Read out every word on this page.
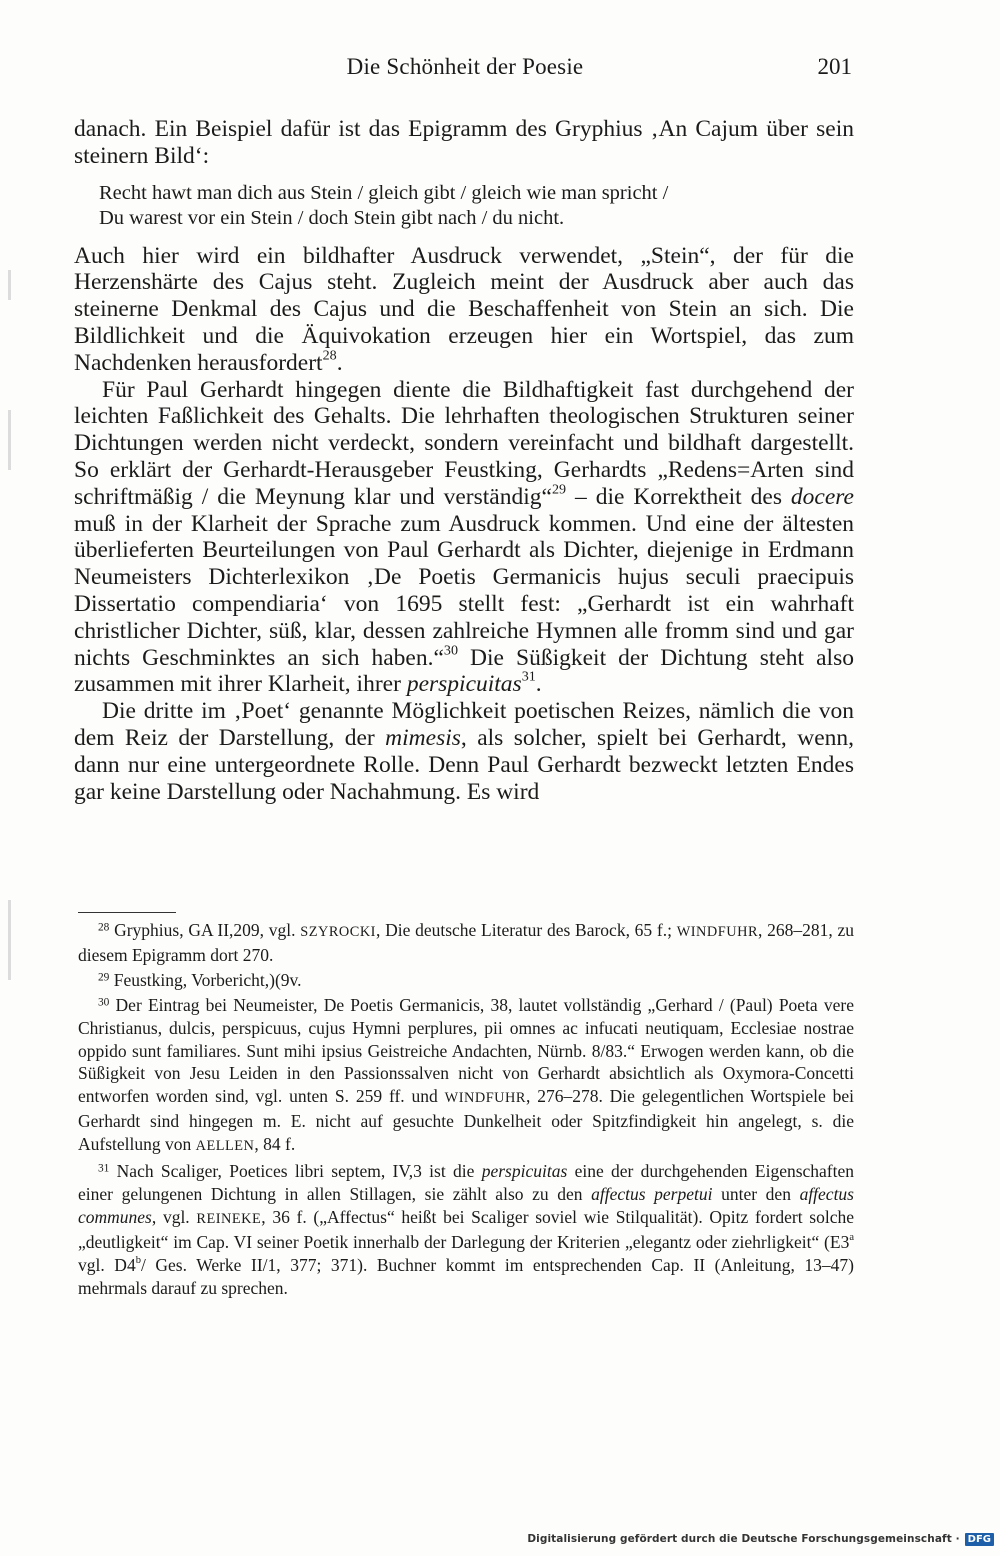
Die Schönheit der Poesie	201

danach. Ein Beispiel dafür ist das Epigramm des Gryphius ‚An Cajum über sein steinern Bild‘:

Recht hawt man dich aus Stein / gleich gibt / gleich wie man spricht /
Du warest vor ein Stein / doch Stein gibt nach / du nicht.

Auch hier wird ein bildhafter Ausdruck verwendet, „Stein“, der für die Herzenshärte des Cajus steht. Zugleich meint der Ausdruck aber auch das steinerne Denkmal des Cajus und die Beschaffenheit von Stein an sich. Die Bildlichkeit und die Äquivokation erzeugen hier ein Wortspiel, das zum Nachdenken herausfordert$^{28}$.

Für Paul Gerhardt hingegen diente die Bildhaftigkeit fast durchgehend der leichten Faßlichkeit des Gehalts. Die lehrhaften theologischen Strukturen seiner Dichtungen werden nicht verdeckt, sondern vereinfacht und bildhaft dargestellt. So erklärt der Gerhardt-Herausgeber Feustking, Gerhardts „Redens=Arten sind schriftmäßig / die Meynung klar und verständig“$^{29}$ – die Korrektheit des docere muß in der Klarheit der Sprache zum Ausdruck kommen. Und eine der ältesten überlieferten Beurteilungen von Paul Gerhardt als Dichter, diejenige in Erdmann Neumeisters Dichterlexikon ‚De Poetis Germanicis hujus seculi praecipuis Dissertatio compendiaria‘ von 1695 stellt fest: „Gerhardt ist ein wahrhaft christlicher Dichter, süß, klar, dessen zahlreiche Hymnen alle fromm sind und gar nichts Geschminktes an sich haben.“$^{30}$ Die Süßigkeit der Dichtung steht also zusammen mit ihrer Klarheit, ihrer perspicuitas$^{31}$.

Die dritte im ‚Poet‘ genannte Möglichkeit poetischen Reizes, nämlich die von dem Reiz der Darstellung, der mimesis, als solcher, spielt bei Gerhardt, wenn, dann nur eine untergeordnete Rolle. Denn Paul Gerhardt bezweckt letzten Endes gar keine Darstellung oder Nachahmung. Es wird

$^{28}$ Gryphius, GA II,209, vgl. SZYROCKI, Die deutsche Literatur des Barock, 65 f.; WINDFUHR, 268–281, zu diesem Epigramm dort 270.

$^{29}$ Feustking, Vorbericht,)(9v.

$^{30}$ Der Eintrag bei Neumeister, De Poetis Germanicis, 38, lautet vollständig „Gerhard / (Paul) Poeta vere Christianus, dulcis, perspicuus, cujus Hymni perplures, pii omnes ac infucati neutiquam, Ecclesiae nostrae oppido sunt familiares. Sunt mihi ipsius Geistreiche Andachten, Nürnb. 8/83.“ Erwogen werden kann, ob die Süßigkeit von Jesu Leiden in den Passionssalven nicht von Gerhardt absichtlich als Oxymora-Concetti entworfen worden sind, vgl. unten S. 259 ff. und WINDFUHR, 276–278. Die gelegentlichen Wortspiele bei Gerhardt sind hingegen m. E. nicht auf gesuchte Dunkelheit oder Spitzfindigkeit hin angelegt, s. die Aufstellung von AELLEN, 84 f.

$^{31}$ Nach Scaliger, Poetices libri septem, IV,3 ist die perspicuitas eine der durchgehenden Eigenschaften einer gelungenen Dichtung in allen Stillagen, sie zählt also zu den affectus perpetui unter den affectus communes, vgl. REINEKE, 36 f. („Affectus“ heißt bei Scaliger soviel wie Stilqualität). Opitz fordert solche „deutligkeit“ im Cap. VI seiner Poetik innerhalb der Darlegung der Kriterien „elegantz oder ziehrligkeit“ (E3$^a$ vgl. D4$^b$/ Ges. Werke II/1, 377; 371). Buchner kommt im entsprechenden Cap. II (Anleitung, 13–47) mehrmals darauf zu sprechen.

Digitalisierung gefördert durch die Deutsche Forschungsgemeinschaft · DFG
